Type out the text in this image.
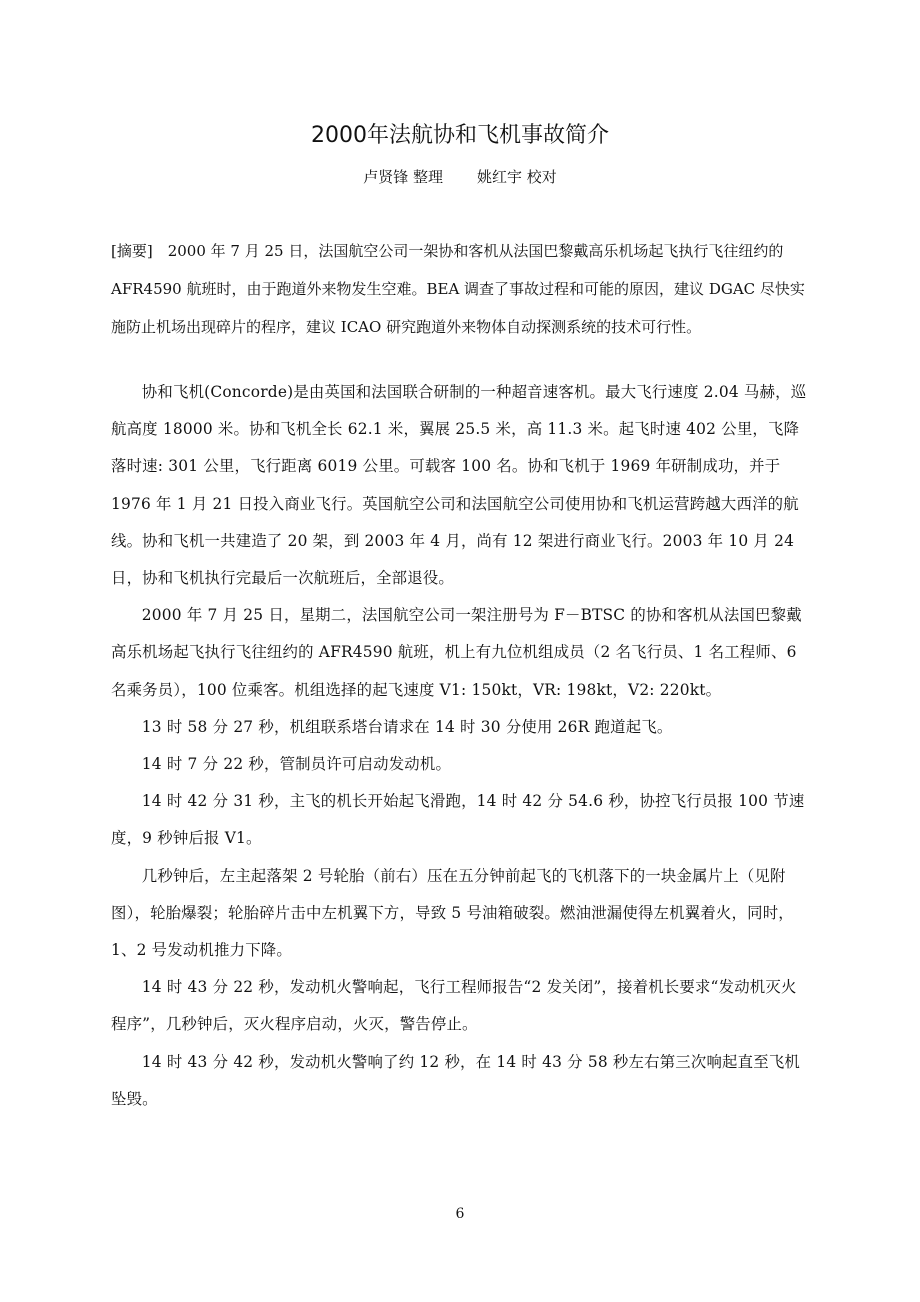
2000年法航协和飞机事故简介
卢贤锋 整理 姚红宇 校对
[摘要]　2000 年 7 月 25 日，法国航空公司一架协和客机从法国巴黎戴高乐机场起飞执行飞往纽约的 AFR4590 航班时，由于跑道外来物发生空难。BEA 调查了事故过程和可能的原因，建议 DGAC 尽快实施防止机场出现碎片的程序，建议 ICAO 研究跑道外来物体自动探测系统的技术可行性。

协和飞机(Concorde)是由英国和法国联合研制的一种超音速客机。最大飞行速度 2.04 马赫，巡航高度 18000 米。协和飞机全长 62.1 米，翼展 25.5 米，高 11.3 米。起飞时速 402 公里，飞降落时速: 301 公里，飞行距离 6019 公里。可载客 100 名。协和飞机于 1969 年研制成功，并于 1976 年 1 月 21 日投入商业飞行。英国航空公司和法国航空公司使用协和飞机运营跨越大西洋的航线。协和飞机一共建造了 20 架，到 2003 年 4 月，尚有 12 架进行商业飞行。2003 年 10 月 24 日，协和飞机执行完最后一次航班后，全部退役。

2000 年 7 月 25 日，星期二，法国航空公司一架注册号为 F－BTSC 的协和客机从法国巴黎戴高乐机场起飞执行飞往纽约的 AFR4590 航班，机上有九位机组成员（2 名飞行员、1 名工程师、6 名乘务员），100 位乘客。机组选择的起飞速度 V1: 150kt，VR: 198kt，V2: 220kt。

13 时 58 分 27 秒，机组联系塔台请求在 14 时 30 分使用 26R 跑道起飞。

14 时 7 分 22 秒，管制员许可启动发动机。

14 时 42 分 31 秒，主飞的机长开始起飞滑跑，14 时 42 分 54.6 秒，协控飞行员报 100 节速度，9 秒钟后报 V1。

几秒钟后，左主起落架 2 号轮胎（前右）压在五分钟前起飞的飞机落下的一块金属片上（见附图），轮胎爆裂；轮胎碎片击中左机翼下方，导致 5 号油箱破裂。燃油泄漏使得左机翼着火，同时，1、2 号发动机推力下降。

14 时 43 分 22 秒，发动机火警响起，飞行工程师报告“2 发关闭”，接着机长要求“发动机灭火程序”，几秒钟后，灭火程序启动，火灭，警告停止。

14 时 43 分 42 秒，发动机火警响了约 12 秒，在 14 时 43 分 58 秒左右第三次响起直至飞机坠毁。

6
